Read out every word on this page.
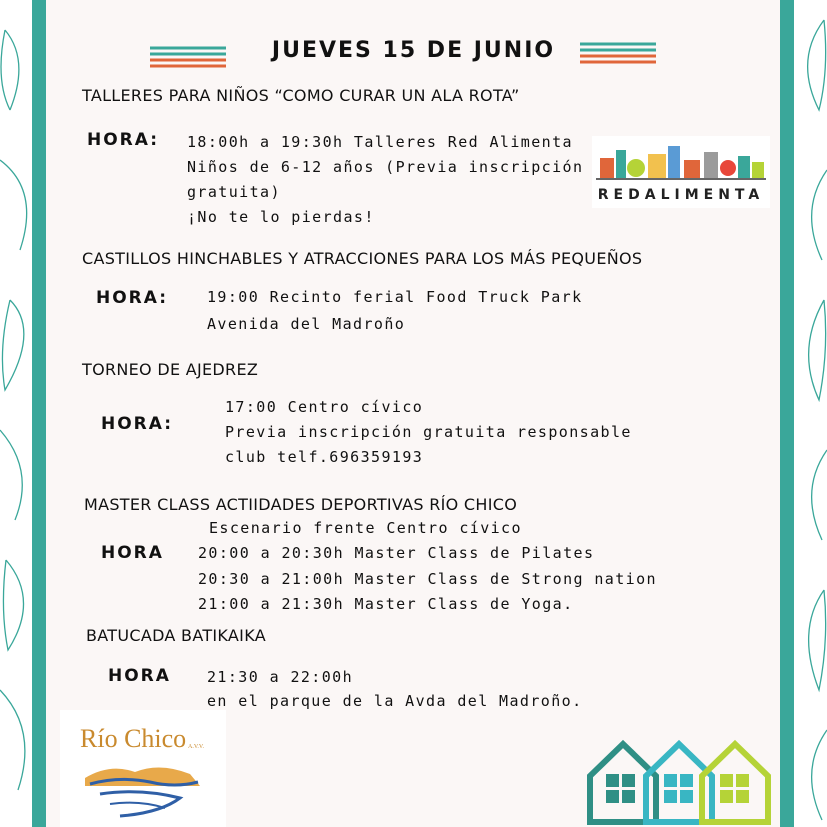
JUEVES 15 DE JUNIO
TALLERES PARA NIÑOS “COMO CURAR UN ALA ROTA”
HORA: 18:00h a 19:30h Talleres Red Alimenta
Niños de 6-12 años (Previa inscripción
gratuita)
¡No te lo pierdas!
REDALIMENTA
CASTILLOS HINCHABLES Y ATRACCIONES PARA LOS MÁS PEQUEÑOS
HORA:	19:00 Recinto ferial Food Truck Park
Avenida del Madroño
TORNEO DE AJEDREZ
HORA:
17:00 Centro cívico
Previa inscripción gratuita responsable
club telf.696359193
MASTER CLASS ACTIIDADES DEPORTIVAS RÍO CHICO
Escenario frente Centro cívico
HORA 20:00 a 20:30h Master Class de Pilates
20:30 a 21:00h Master Class de Strong nation
21:00 a 21:30h Master Class de Yoga.
BATUCADA BATIKAIKA
HORA 21:30 a 22:00h
en el parque de la Avda del Madroño.
Río Chico A.V.V.
